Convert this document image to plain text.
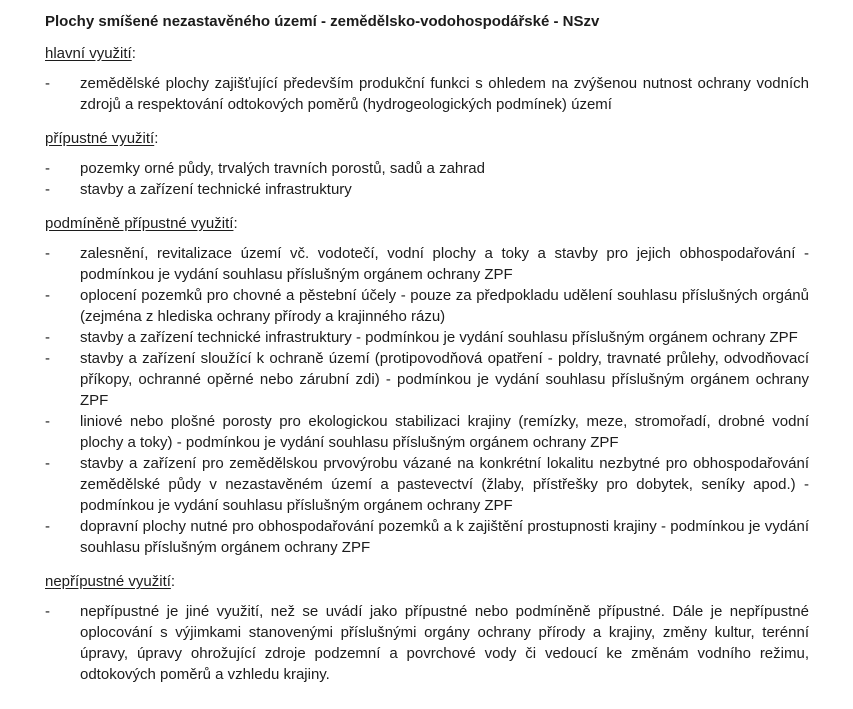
Plochy smíšené nezastavěného území - zemědělsko-vodohospodářské - NSzv

hlavní využití:

-	zemědělské plochy zajišťující především produkční funkci s ohledem na zvýšenou nutnost ochrany vodních zdrojů a respektování odtokových poměrů (hydrogeologických podmínek) území

přípustné využití:

-	pozemky orné půdy, trvalých travních porostů, sadů a zahrad
-	stavby a zařízení technické infrastruktury

podmíněně přípustné využití:

-	zalesnění, revitalizace území vč. vodotečí, vodní plochy a toky a stavby pro jejich obhospodařování - podmínkou je vydání souhlasu příslušným orgánem ochrany ZPF
-	oplocení pozemků pro chovné a pěstební účely - pouze za předpokladu udělení souhlasu příslušných orgánů (zejména z hlediska ochrany přírody a krajinného rázu)
-	stavby a zařízení technické infrastruktury - podmínkou je vydání souhlasu příslušným orgánem ochrany ZPF
-	stavby a zařízení sloužící k ochraně území (protipovodňová opatření - poldry, travnaté průlehy, odvodňovací příkopy, ochranné opěrné nebo zárubní zdi) - podmínkou je vydání souhlasu příslušným orgánem ochrany ZPF
-	liniové nebo plošné porosty pro ekologickou stabilizaci krajiny (remízky, meze, stromořadí, drobné vodní plochy a toky) - podmínkou je vydání souhlasu příslušným orgánem ochrany ZPF
-	stavby a zařízení pro zemědělskou prvovýrobu vázané na konkrétní lokalitu nezbytné pro obhospodařování zemědělské půdy v nezastavěném území a pastevectví (žlaby, přístřešky pro dobytek, seníky apod.) - podmínkou je vydání souhlasu příslušným orgánem ochrany ZPF
-	dopravní plochy nutné pro obhospodařování pozemků a k zajištění prostupnosti krajiny - podmínkou je vydání souhlasu příslušným orgánem ochrany ZPF

nepřípustné využití:

-	nepřípustné je jiné využití, než se uvádí jako přípustné nebo podmíněně přípustné. Dále je nepřípustné oplocování s výjimkami stanovenými příslušnými orgány ochrany přírody a krajiny, změny kultur, terénní úpravy, úpravy ohrožující zdroje podzemní a povrchové vody či vedoucí ke změnám vodního režimu, odtokových poměrů a vzhledu krajiny.
